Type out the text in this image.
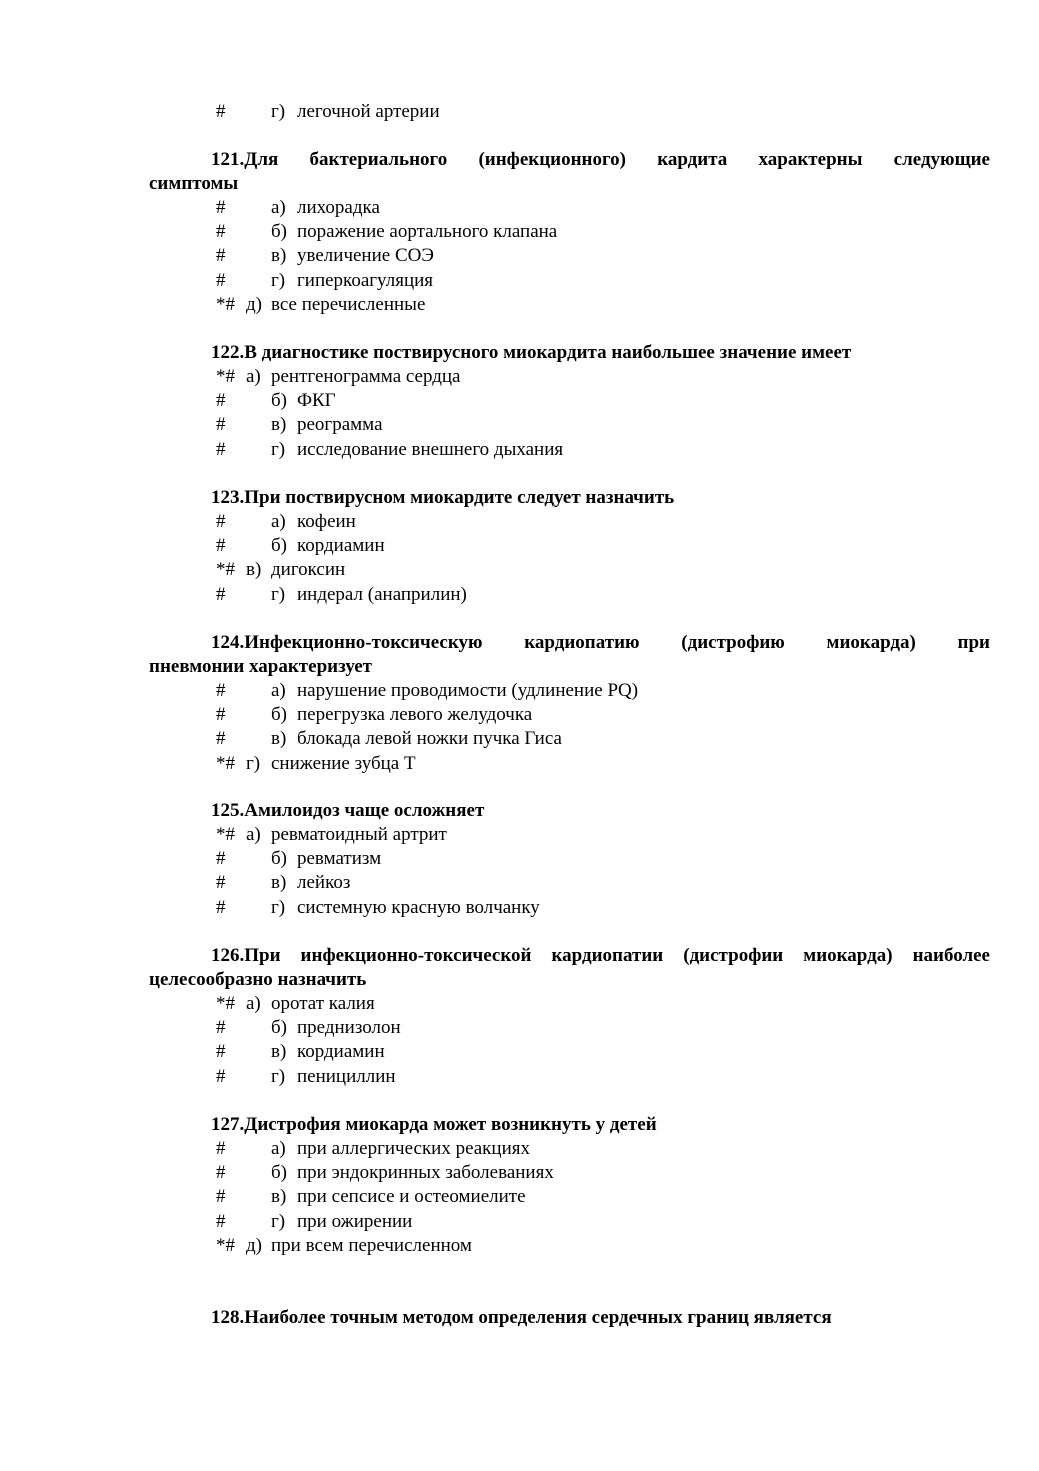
# г) легочной артерии
121.Для бактериального (инфекционного) кардита характерны следующие
симптомы
# а) лихорадка
# б) поражение аортального клапана
# в) увеличение СОЭ
# г) гиперкоагуляция
*# д) все перечисленные
122.В диагностике поствирусного миокардита наибольшее значение имеет
*# а) рентгенограмма сердца
# б) ФКГ
# в) реограмма
# г) исследование внешнего дыхания
123.При поствирусном миокардите следует назначить
# а) кофеин
# б) кордиамин
*# в) дигоксин
# г) индерал (анаприлин)
124.Инфекционно-токсическую кардиопатию (дистрофию миокарда) при
пневмонии характеризует
# а) нарушение проводимости (удлинение PQ)
# б) перегрузка левого желудочка
# в) блокада левой ножки пучка Гиса
*# г) снижение зубца Т
125.Амилоидоз чаще осложняет
*# а) ревматоидный артрит
# б) ревматизм
# в) лейкоз
# г) системную красную волчанку
126.При инфекционно-токсической кардиопатии (дистрофии миокарда) наиболее
целесообразно назначить
*# а) оротат калия
# б) преднизолон
# в) кордиамин
# г) пенициллин
127.Дистрофия миокарда может возникнуть у детей
# а) при аллергических реакциях
# б) при эндокринных заболеваниях
# в) при сепсисе и остеомиелите
# г) при ожирении
*# д) при всем перечисленном
128.Наиболее точным методом определения сердечных границ является
